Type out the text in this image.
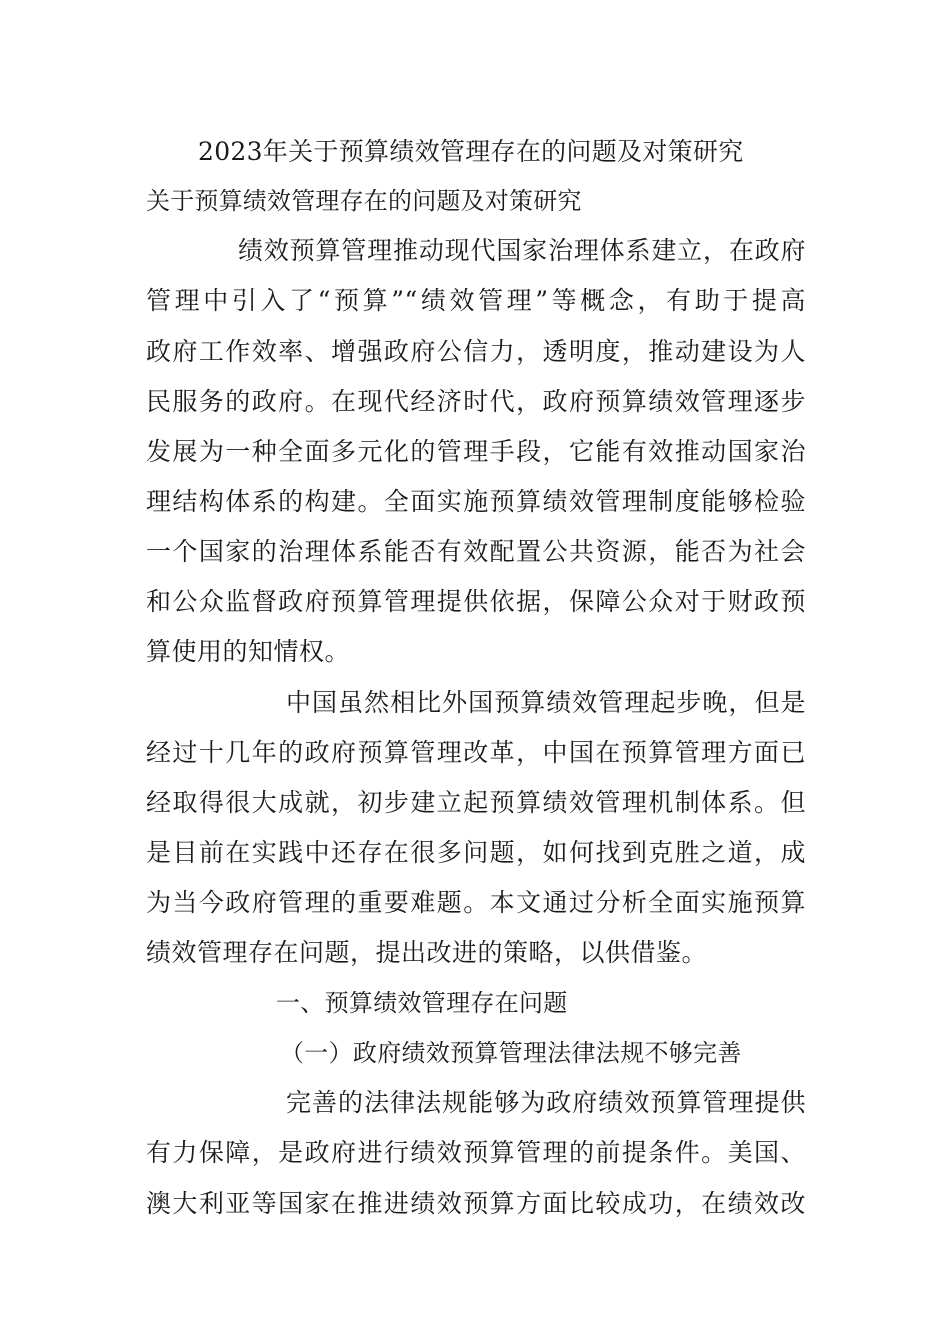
2023年关于预算绩效管理存在的问题及对策研究
关于预算绩效管理存在的问题及对策研究
绩效预算管理推动现代国家治理体系建立，在政府
管理中引入了“预算”“绩效管理”等概念，有助于提高
政府工作效率、增强政府公信力，透明度，推动建设为人
民服务的政府。在现代经济时代，政府预算绩效管理逐步
发展为一种全面多元化的管理手段，它能有效推动国家治
理结构体系的构建。全面实施预算绩效管理制度能够检验
一个国家的治理体系能否有效配置公共资源，能否为社会
和公众监督政府预算管理提供依据，保障公众对于财政预
算使用的知情权。
中国虽然相比外国预算绩效管理起步晚，但是
经过十几年的政府预算管理改革，中国在预算管理方面已
经取得很大成就，初步建立起预算绩效管理机制体系。但
是目前在实践中还存在很多问题，如何找到克胜之道，成
为当今政府管理的重要难题。本文通过分析全面实施预算
绩效管理存在问题，提出改进的策略，以供借鉴。
一、预算绩效管理存在问题
（一）政府绩效预算管理法律法规不够完善
完善的法律法规能够为政府绩效预算管理提供
有力保障，是政府进行绩效预算管理的前提条件。美国、
澳大利亚等国家在推进绩效预算方面比较成功，在绩效改
